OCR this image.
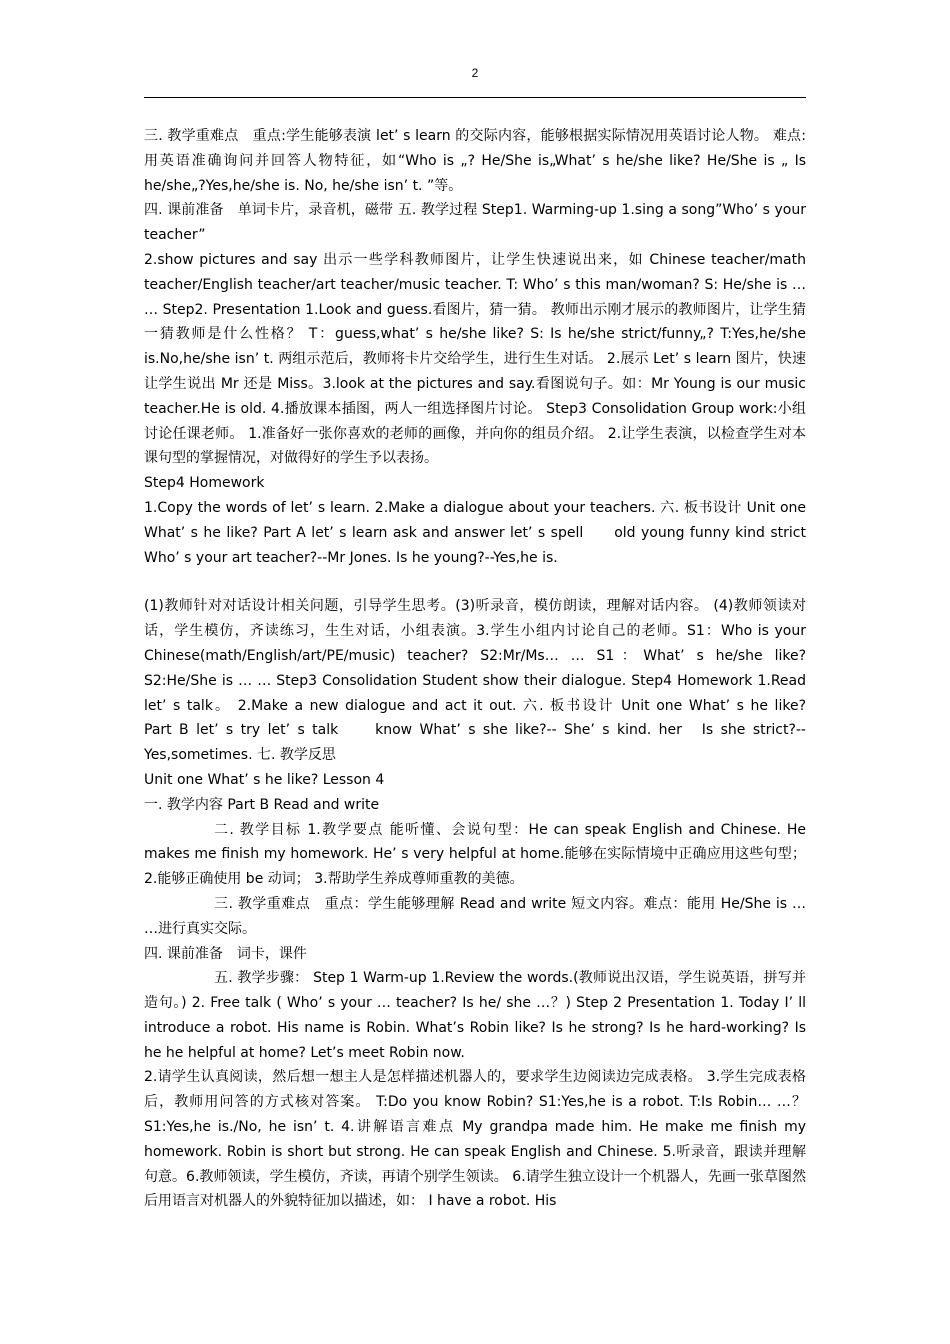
2

三. 教学重难点　重点:学生能够表演 let’ s learn 的交际内容，能够根据实际情况用英语讨论人物。 难点:用英语准确询问并回答人物特征，如“Who is „? He/She is„What’ s he/she like? He/She is „ Is he/she„?Yes,he/she is. No, he/she isn’ t. ”等。

四. 课前准备　单词卡片，录音机，磁带 五. 教学过程 Step1. Warming-up 1.sing a song”Who’ s your teacher”

2.show pictures and say 出示一些学科教师图片，让学生快速说出来，如 Chinese teacher/math teacher/English teacher/art teacher/music teacher. T: Who’ s this man/woman? S: He/she is … … Step2. Presentation 1.Look and guess.看图片，猜一猜。 教师出示刚才展示的教师图片，让学生猜一猜教师是什么性格？ T：guess,what’ s he/she like? S: Is he/she strict/funny„? T:Yes,he/she is.No,he/she isn’ t. 两组示范后，教师将卡片交给学生，进行生生对话。 2.展示 Let’ s learn 图片，快速让学生说出 Mr 还是 Miss。3.look at the pictures and say.看图说句子。如：Mr Young is our music teacher.He is old. 4.播放课本插图，两人一组选择图片讨论。 Step3 Consolidation Group work:小组讨论任课老师。 1.准备好一张你喜欢的老师的画像，并向你的组员介绍。 2.让学生表演，以检查学生对本课句型的掌握情况，对做得好的学生予以表扬。

Step4 Homework

1.Copy the words of let’ s learn. 2.Make a dialogue about your teachers. 六. 板书设计 Unit one What’ s he like? Part A let’ s learn ask and answer let’ s spell　　old young funny kind strict Who’ s your art teacher?--Mr Jones. Is he young?--Yes,he is.

(1)教师针对对话设计相关问题，引导学生思考。(3)听录音，模仿朗读，理解对话内容。 (4)教师领读对话，学生模仿，齐读练习，生生对话，小组表演。3.学生小组内讨论自己的老师。S1：Who is your Chinese(math/English/art/PE/music) teacher? S2:Mr/Ms… … S1：What’ s he/she like? S2:He/She is … … Step3 Consolidation Student show their dialogue. Step4 Homework 1.Read let’ s talk。 2.Make a new dialogue and act it out. 六. 板书设计 Unit one What’ s he like?　　Part B let’ s try let’ s talk　　know What’ s she like?-- She’ s kind. her　Is she strict?--Yes,sometimes. 七. 教学反思

Unit one What’ s he like? Lesson 4

一. 教学内容 Part B Read and write

二. 教学目标 1.教学要点 能听懂、会说句型：He can speak English and Chinese. He makes me finish my homework. He’ s very helpful at home.能够在实际情境中正确应用这些句型； 2.能够正确使用 be 动词； 3.帮助学生养成尊师重教的美德。

三. 教学重难点　重点：学生能够理解 Read and write 短文内容。难点：能用 He/She is … …进行真实交际。

四. 课前准备　词卡，课件

五. 教学步骤： Step 1 Warm-up 1.Review the words.(教师说出汉语，学生说英语，拼写并造句。) 2. Free talk ( Who’ s your … teacher? Is he/ she …？) Step 2 Presentation 1. Today I’ ll introduce a robot. His name is Robin. What’s Robin like? Is he strong? Is he hard-working? Is he he helpful at home? Let’s meet Robin now.

2.请学生认真阅读，然后想一想主人是怎样描述机器人的，要求学生边阅读边完成表格。 3.学生完成表格后，教师用问答的方式核对答案。 T:Do you know Robin? S1:Yes,he is a robot. T:Is Robin… …？ S1:Yes,he is./No, he isn’ t. 4.讲解语言难点 My grandpa made him. He make me finish my homework. Robin is short but strong. He can speak English and Chinese. 5.听录音，跟读并理解句意。6.教师领读，学生模仿，齐读，再请个别学生领读。 6.请学生独立设计一个机器人，先画一张草图然后用语言对机器人的外貌特征加以描述，如： I have a robot. His
